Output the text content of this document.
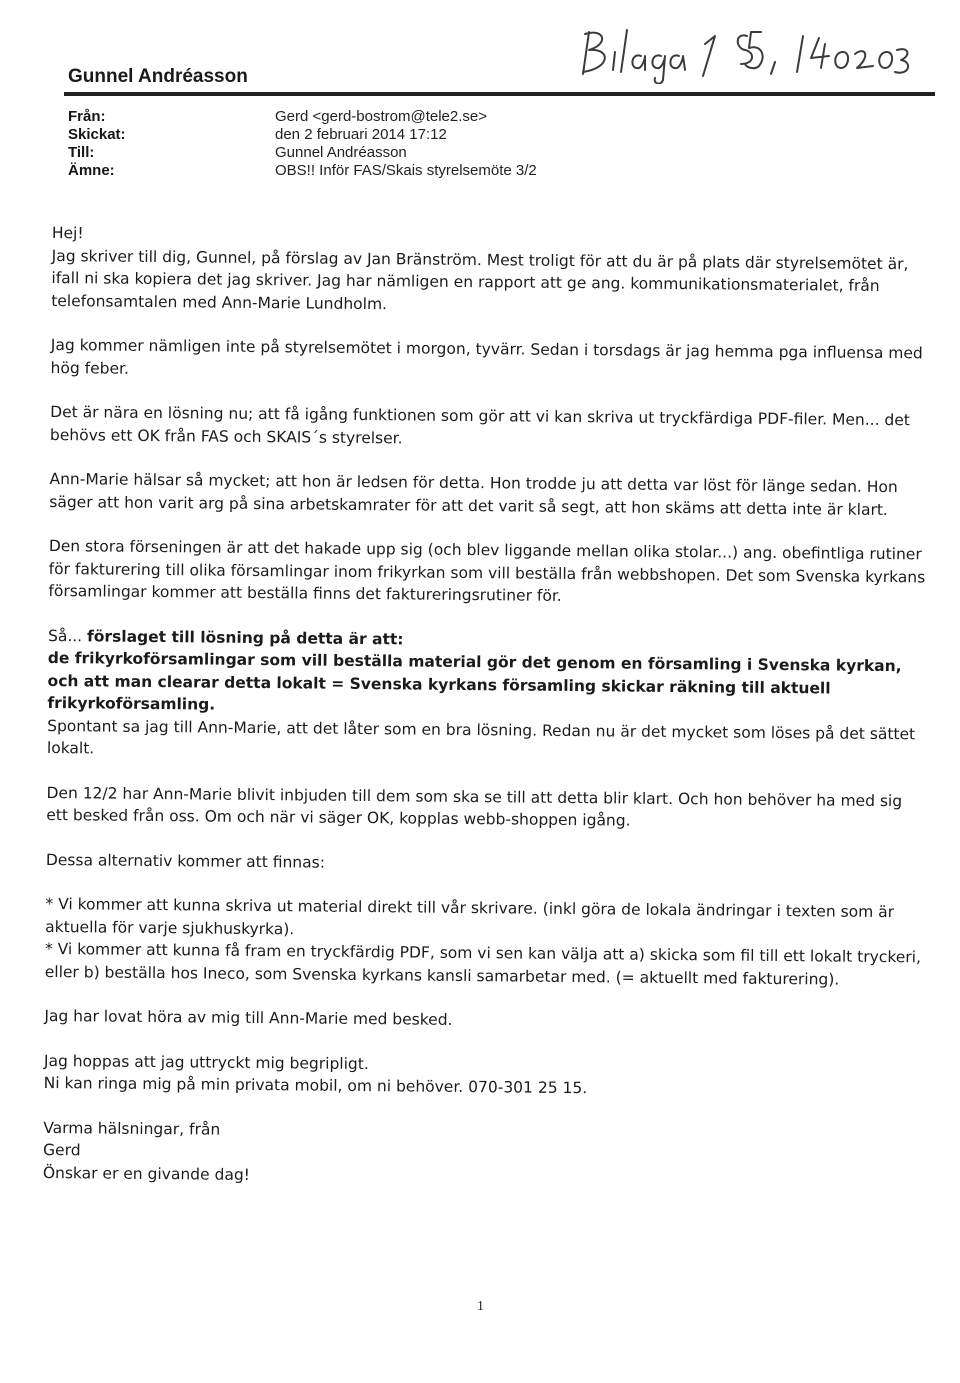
Gunnel Andréasson
Från:	Gerd <gerd-bostrom@tele2.se>
Skickat:	den 2 februari 2014 17:12
Till:	Gunnel Andréasson
Ämne:	OBS!! Inför FAS/Skais styrelsemöte 3/2

Hej!

Jag skriver till dig, Gunnel, på förslag av Jan Bränström. Mest troligt för att du är på plats där styrelsemötet är, ifall ni ska kopiera det jag skriver. Jag har nämligen en rapport att ge ang. kommunikationsmaterialet, från telefonsamtalen med Ann-Marie Lundholm.

Jag kommer nämligen inte på styrelsemötet i morgon, tyvärr. Sedan i torsdags är jag hemma pga influensa med hög feber.

Det är nära en lösning nu; att få igång funktionen som gör att vi kan skriva ut tryckfärdiga PDF-filer. Men... det behövs ett OK från FAS och SKAIS´s styrelser.

Ann-Marie hälsar så mycket; att hon är ledsen för detta. Hon trodde ju att detta var löst för länge sedan. Hon säger att hon varit arg på sina arbetskamrater för att det varit så segt, att hon skäms att detta inte är klart.

Den stora förseningen är att det hakade upp sig (och blev liggande mellan olika stolar...) ang. obefintliga rutiner för fakturering till olika församlingar inom frikyrkan som vill beställa från webbshopen. Det som Svenska kyrkans församlingar kommer att beställa finns det faktureringsrutiner för.

Så... förslaget till lösning på detta är att:
de frikyrkoförsamlingar som vill beställa material gör det genom en församling i Svenska kyrkan, och att man clearar detta lokalt = Svenska kyrkans församling skickar räkning till aktuell frikyrkoförsamling.
Spontant sa jag till Ann-Marie, att det låter som en bra lösning. Redan nu är det mycket som löses på det sättet lokalt.

Den 12/2 har Ann-Marie blivit inbjuden till dem som ska se till att detta blir klart. Och hon behöver ha med sig ett besked från oss. Om och när vi säger OK, kopplas webb-shoppen igång.

Dessa alternativ kommer att finnas:

* Vi kommer att kunna skriva ut material direkt till vår skrivare. (inkl göra de lokala ändringar i texten som är aktuella för varje sjukhuskyrka).
* Vi kommer att kunna få fram en tryckfärdig PDF, som vi sen kan välja att a) skicka som fil till ett lokalt tryckeri, eller b) beställa hos Ineco, som Svenska kyrkans kansli samarbetar med. (= aktuellt med fakturering).

Jag har lovat höra av mig till Ann-Marie med besked.

Jag hoppas att jag uttryckt mig begripligt.
Ni kan ringa mig på min privata mobil, om ni behöver. 070-301 25 15.

Varma hälsningar, från
Gerd
Önskar er en givande dag!

1
